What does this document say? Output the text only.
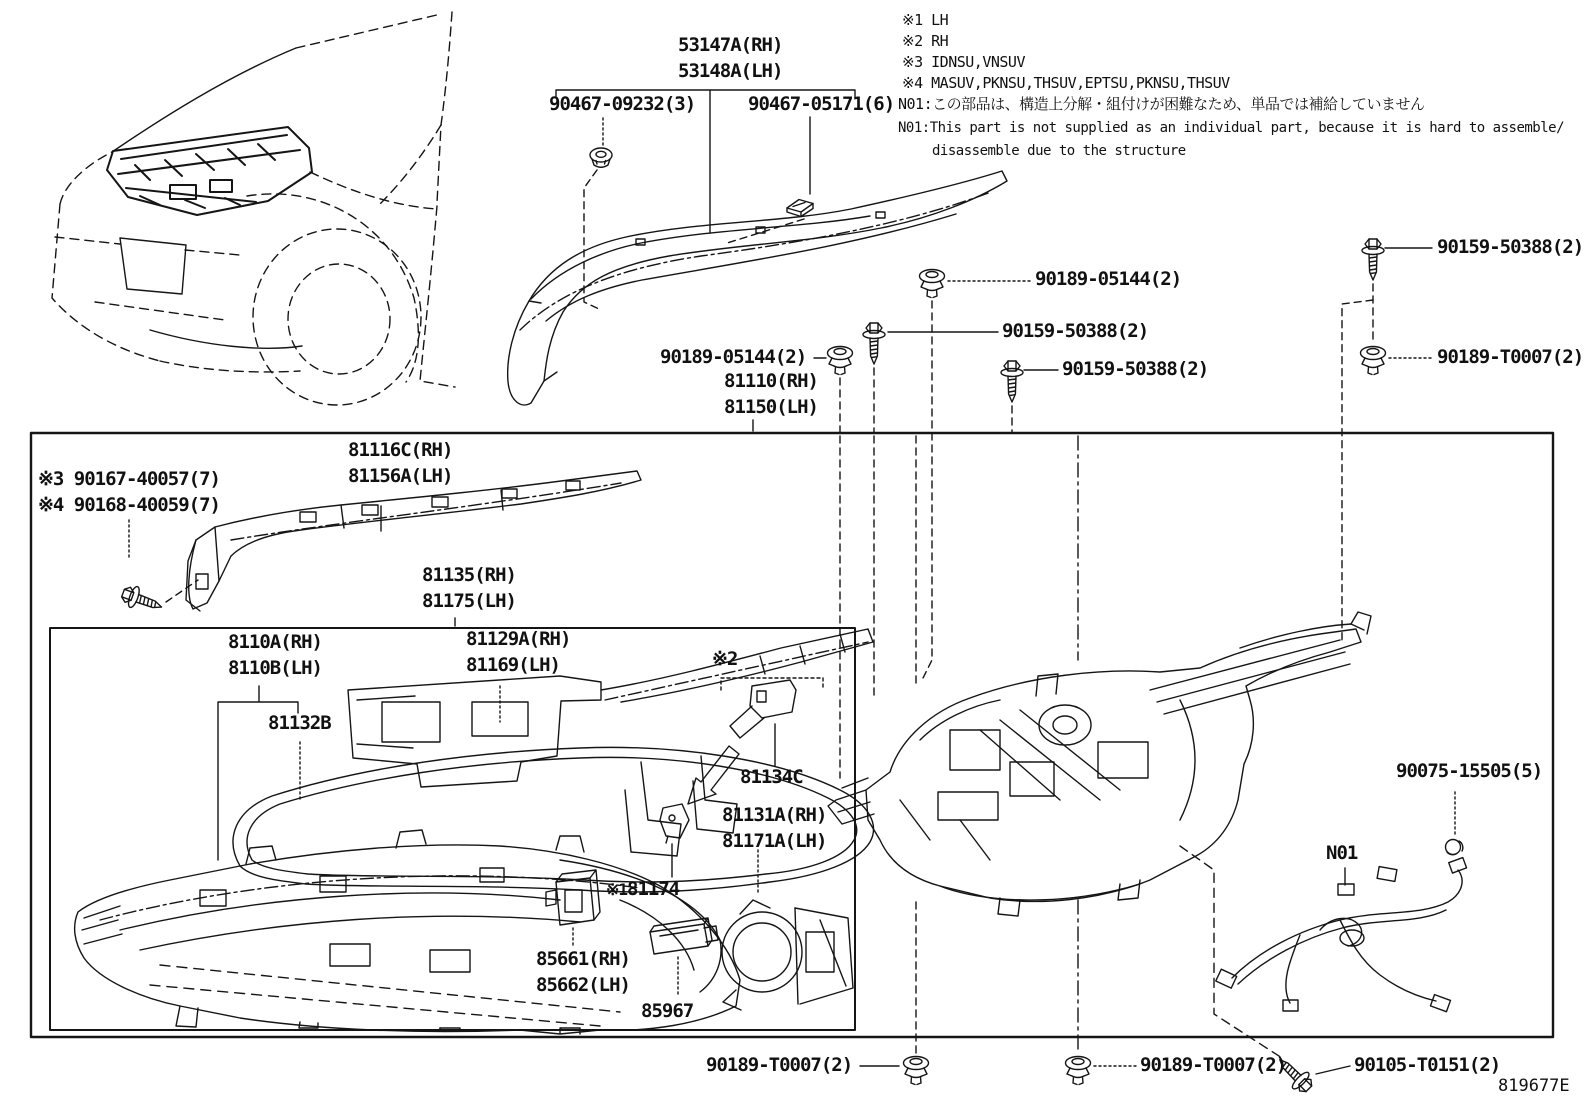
53147A(RH)
53148A(LH)
90467-09232(3)	90467-05171(6)
※1 LH
※2 RH
※3 IDNSU,VNSUV
※4 MASUV,PKNSU,THSUV,EPTSU,PKNSU,THSUV
N01:この部品は、構造上分解・組付けが困難なため、単品では補給していません
N01:This part is not supplied as an individual part, because it is hard to assemble/
disassemble due to the structure
90159-50388(2)
90189-T0007(2)
90189-05144(2)
90159-50388(2)
90189-05144(2)
90159-50388(2)
81110(RH)
81150(LH)
81116C(RH)
81156A(LH)
※3 90167-40057(7)
※4 90168-40059(7)
81135(RH)
81175(LH)
8110A(RH)
8110B(LH)
81132B
81129A(RH)
81169(LH)	※2
81134C
81131A(RH)
81171A(LH)
※181174
85661(RH)
85662(LH)
85967
90075-15505(5)
N01
90189-T0007(2)	90189-T0007(2)	90105-T0151(2)
819677E
